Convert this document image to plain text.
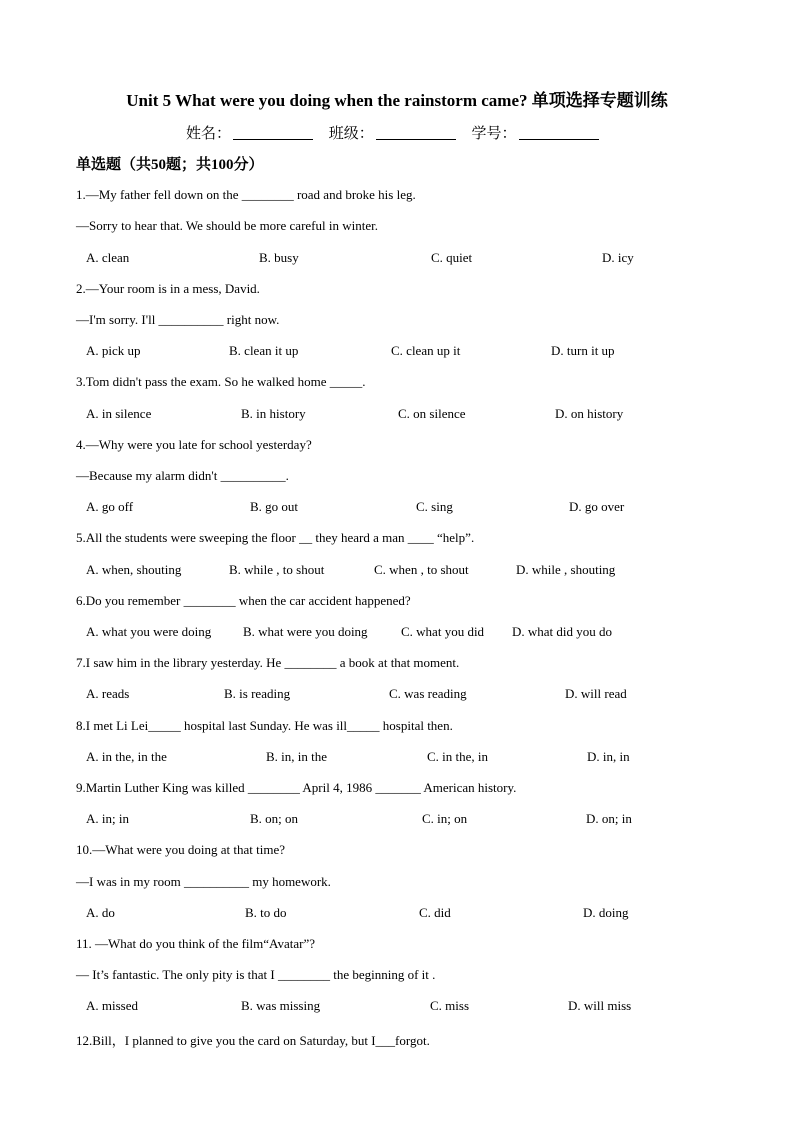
Unit 5 What were you doing when the rainstorm came? 单项选择专题训练
姓名：	班级：	学号：
单选题（共50题；共100分）
1.—My father fell down on the ________ road and broke his leg.
—Sorry to hear that. We should be more careful in winter.
A. clean	B. busy	C. quiet	D. icy
2.—Your room is in a mess, David.
—I'm sorry. I'll __________ right now.
A. pick up	B. clean it up	C. clean up it	D. turn it up
3.Tom didn't pass the exam. So he walked home _____.
A. in silence	B. in history	C. on silence	D. on history
4.—Why were you late for school yesterday?
—Because my alarm didn't __________.
A. go off	B. go out	C. sing	D. go over
5.All the students were sweeping the floor __ they heard a man ____ “help”.
A. when, shouting	B. while , to shout	C. when , to shout	D. while , shouting
6.Do you remember ________ when the car accident happened?
A. what you were doing B. what were you doing	C. what you did D. what did you do
7.I saw him in the library yesterday. He ________ a book at that moment.
A. reads	B. is reading	C. was reading	D. will read
8.I met Li Lei_____ hospital last Sunday. He was ill_____ hospital then.
A. in the, in the	B. in, in the	C. in the, in	D. in, in
9.Martin Luther King was killed ________ April 4, 1986 _______ American history.
A. in; in	B. on; on	C. in; on	D. on; in
10.—What were you doing at that time?
—I was in my room __________ my homework.
A. do	B. to do	C. did	D. doing
11. —What do you think of the film“Avatar”?
— It’s fantastic. The only pity is that I ________ the beginning of it .
A. missed	B. was missing	C. miss	D. will miss
12.Bill，I planned to give you the card on Saturday, but I___forgot.
